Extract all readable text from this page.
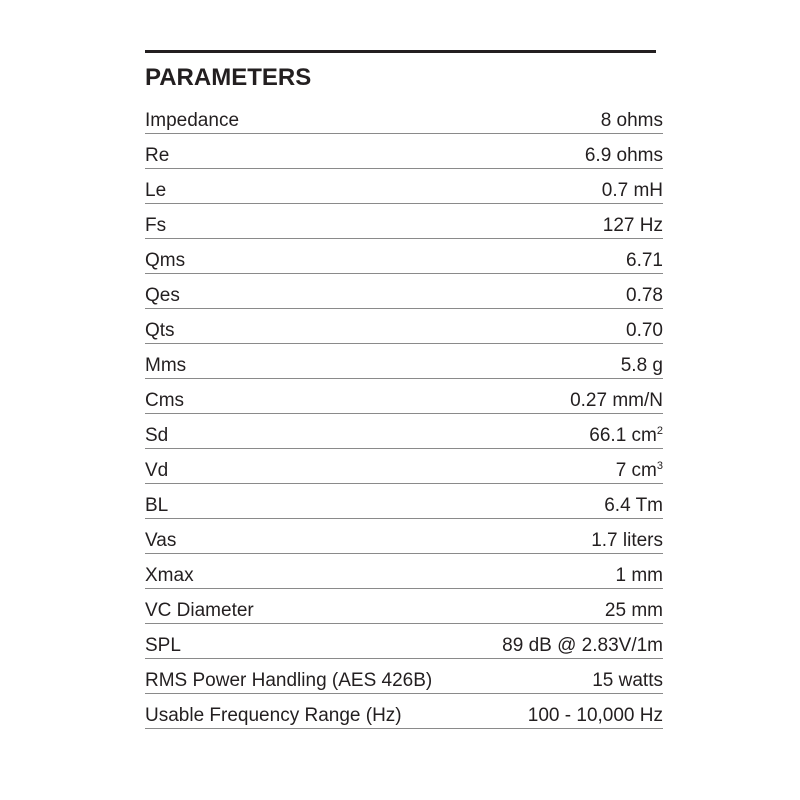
PARAMETERS
Impedance	8 ohms
Re	6.9 ohms
Le	0.7 mH
Fs	127 Hz
Qms	6.71
Qes	0.78
Qts	0.70
Mms	5.8 g
Cms	0.27 mm/N
Sd	66.1 $cm^2$
Vd	7 $cm^3$
BL	6.4 Tm
Vas	1.7 liters
Xmax	1 mm
VC Diameter	25 mm
SPL	89 dB @ 2.83V/1m
RMS Power Handling (AES 426B)	15 watts
Usable Frequency Range (Hz)	100 - 10,000 Hz
